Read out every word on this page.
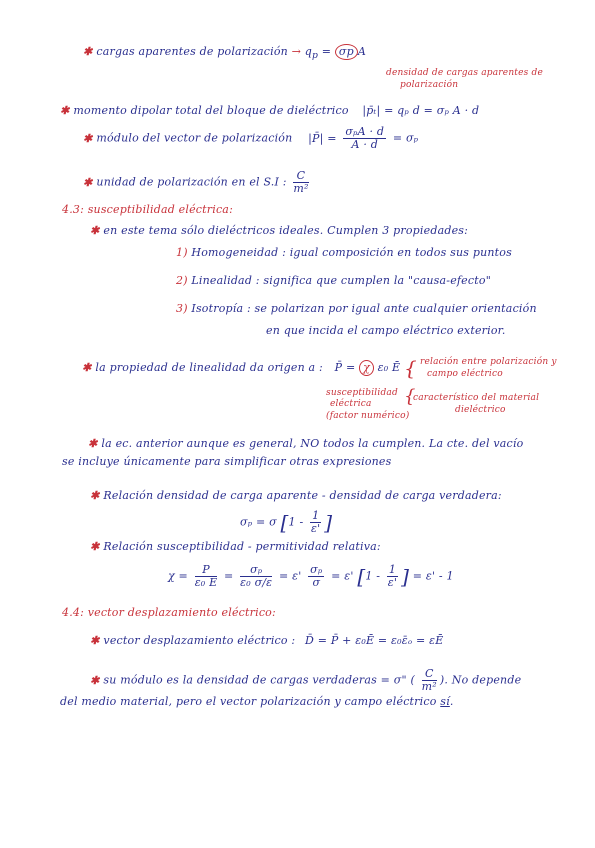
✱ cargas aparentes de polarización → $q_p = \sigma p$ A
densidad de cargas aparentes de
polarización
✱ momento dipolar total del bloque de dieléctrico |p̄ₜ| = qₚ d = σₚ A · d
✱ módulo del vector de polarización |P̄| = $\frac{\text{σₚA · d}}{A \cdot d} = \sigma_p$
✱ unidad de polarización en el S.I : $\frac{C}{\text{m²}}$
4.3: susceptibilidad eléctrica:
✱ en este tema sólo dieléctricos ideales. Cumplen 3 propiedades:
1) Homogeneidad : igual composición en todos sus puntos
2) Linealidad : significa que cumplen la "causa-efecto"
3) Isotropía : se polarizan por igual ante cualquier orientación
en que incida el campo eléctrico exterior.
✱ la propiedad de linealidad da origen a : P̄ = χ ε₀ Ē { relación entre polarización y
campo eléctrico
susceptibilidad
eléctrica
(factor numérico)
{
característico del material
dieléctrico
✱ la ec. anterior aunque es general, NO todos la cumplen. La cte. del vacío
se incluye únicamente para simplificar otras expresiones
✱ Relación densidad de carga aparente - densidad de carga verdadera:
σₚ = σ [$1 - \frac{1}{\varepsilon'}$ ]
✱ Relación susceptibilidad - permitividad relativa:
$\chi = \frac{P}{\text{ε₀ E}} = \frac{\text{σₚ}}{\text{ε₀ σ/ε}} = \varepsilon' \frac{\text{σₚ}}{\sigma} = \varepsilon'$ [$1 - \frac{1}{\varepsilon'}$ ] = ε' - 1
4.4: vector desplazamiento eléctrico:
✱ vector desplazamiento eléctrico : D̄ = P̄ + ε₀Ē = ε₀ε̄ₒ = εĒ
✱ su módulo es la densidad de cargas verdaderas = σ" ( $\frac{C}{\text{m²}}$ ). No depende
del medio material, pero el vector polarización y campo eléctrico sí.
